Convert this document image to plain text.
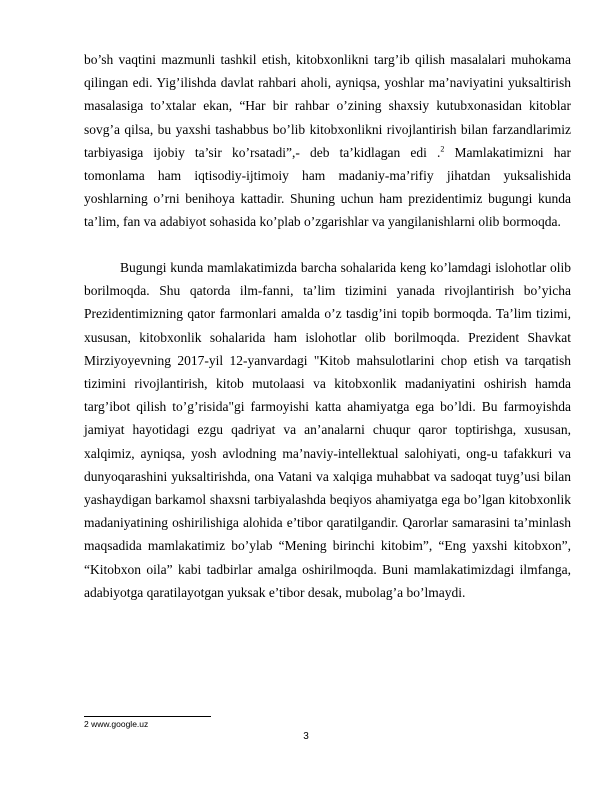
bo’sh vaqtini mazmunli tashkil etish, kitobxonlikni targ’ib qilish masalalari muhokama qilingan edi. Yig’ilishda davlat rahbari aholi, ayniqsa, yoshlar ma’naviyatini yuksaltirish masalasiga to’xtalar ekan, “Har bir rahbar o’zining shaxsiy kutubxonasidan kitoblar sovg’a qilsa, bu yaxshi tashabbus bo’lib kitobxonlikni rivojlantirish bilan farzandlarimiz tarbiyasiga ijobiy ta’sir ko’rsatadi”,- deb ta’kidlagan edi .$^2$ Mamlakatimizni har tomonlama ham iqtisodiy-ijtimoiy ham madaniy-ma’rifiy jihatdan yuksalishida yoshlarning o’rni benihoya kattadir. Shuning uchun ham prezidentimiz bugungi kunda ta’lim, fan va adabiyot sohasida ko’plab o’zgarishlar va yangilanishlarni olib bormoqda.
Bugungi kunda mamlakatimizda barcha sohalarida keng ko’lamdagi islohotlar olib borilmoqda. Shu qatorda ilm-fanni, ta’lim tizimini yanada rivojlantirish bo’yicha Prezidentimizning qator farmonlari amalda o’z tasdig’ini topib bormoqda. Ta’lim tizimi, xususan, kitobxonlik sohalarida ham islohotlar olib borilmoqda. Prezident Shavkat Mirziyoyevning 2017-yil 12-yanvardagi "Kitob mahsulotlarini chop etish va tarqatish tizimini rivojlantirish, kitob mutolaasi va kitobxonlik madaniyatini oshirish hamda targ’ibot qilish to’g’risida"gi farmoyishi katta ahamiyatga ega bo’ldi. Bu farmoyishda jamiyat hayotidagi ezgu qadriyat va an’analarni chuqur qaror toptirishga, xususan, xalqimiz, ayniqsa, yosh avlodning ma’naviy-intellektual salohiyati, ong-u tafakkuri va dunyoqarashini yuksaltirishda, ona Vatani va xalqiga muhabbat va sadoqat tuyg’usi bilan yashaydigan barkamol shaxsni tarbiyalashda beqiyos ahamiyatga ega bo’lgan kitobxonlik madaniyatining oshirilishiga alohida e’tibor qaratilgandir. Qarorlar samarasini ta’minlash maqsadida mamlakatimiz bo’ylab “Mening birinchi kitobim”, “Eng yaxshi kitobxon”, “Kitobxon oila” kabi tadbirlar amalga oshirilmoqda. Buni mamlakatimizdagi ilmfanga, adabiyotga qaratilayotgan yuksak e’tibor desak, mubolag’a bo’lmaydi.
2 www.google.uz
3
